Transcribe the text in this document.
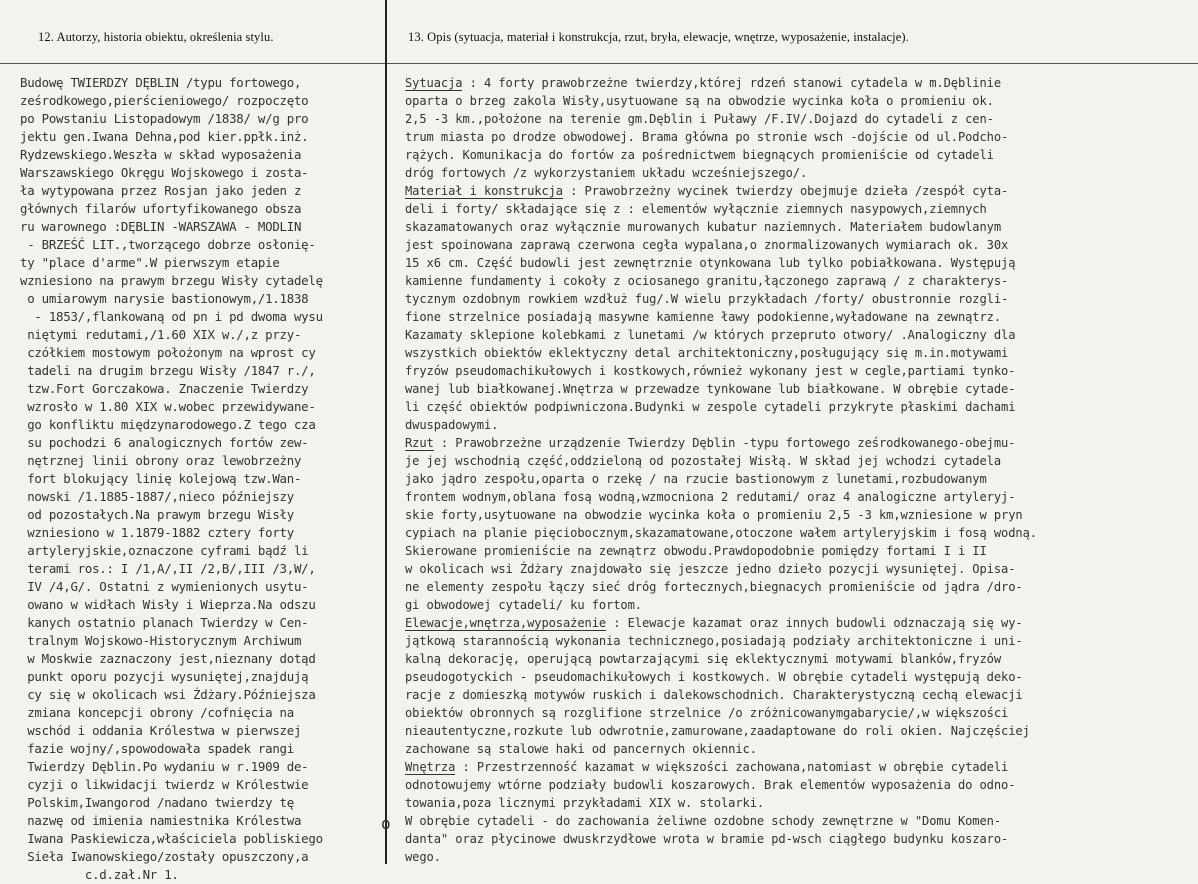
12. Autorzy, historia obiektu, określenia stylu.	13. Opis (sytuacja, materiał i konstrukcja, rzut, bryła, elewacje, wnętrze, wyposażenie, instalacje).
Budowę TWIERDZY DĘBLIN /typu fortowego,
ześrodkowego,pierścieniowego/ rozpoczęto
po Powstaniu Listopadowym /1838/ w/g pro
jektu gen.Iwana Dehna,pod kier.ppłk.inż.
Rydzewskiego.Weszła w skład wyposażenia
Warszawskiego Okręgu Wojskowego i zosta-
ła wytypowana przez Rosjan jako jeden z
głównych filarów ufortyfikowanego obsza
ru warownego :DĘBLIN -WARSZAWA - MODLIN
- BRZEŚĆ LIT.,tworzącego dobrze osłonię-
ty "place d'arme".W pierwszym etapie
wzniesiono na prawym brzegu Wisły cytadelę
o umiarowym narysie bastionowym,/1.1838
- 1853/,flankowaną od pn i pd dwoma wysu
niętymi redutami,/1.60 XIX w./,z przy-
czółkiem mostowym położonym na wprost cy
tadeli na drugim brzegu Wisły /1847 r./,
tzw.Fort Gorczakowa. Znaczenie Twierdzy
wzrosło w 1.80 XIX w.wobec przewidywane-
go konfliktu międzynarodowego.Z tego cza
su pochodzi 6 analogicznych fortów zew-
nętrznej linii obrony oraz lewobrzeżny
fort blokujący linię kolejową tzw.Wan-
nowski /1.1885-1887/,nieco późniejszy
od pozostałych.Na prawym brzegu Wisły
wzniesiono w 1.1879-1882 cztery forty
artyleryjskie,oznaczone cyframi bądź li
terami ros.: I /1,A/,II /2,B/,III /3,W/,
IV /4,G/. Ostatni z wymienionych usytu-
owano w widłach Wisły i Wieprza.Na odszu
kanych ostatnio planach Twierdzy w Cen-
tralnym Wojskowo-Historycznym Archiwum
w Moskwie zaznaczony jest,nieznany dotąd
punkt oporu pozycji wysuniętej,znajdują
cy się w okolicach wsi Żdżary.Późniejsza
zmiana koncepcji obrony /cofnięcia na
wschód i oddania Królestwa w pierwszej
fazie wojny/,spowodowała spadek rangi
Twierdzy Dęblin.Po wydaniu w r.1909 de-
cyzji o likwidacji twierdz w Królestwie
Polskim,Iwangorod /nadano twierdzy tę
nazwę od imienia namiestnika Królestwa
Iwana Paskiewicza,właściciela pobliskiego
Sieła Iwanowskiego/zostały opuszczony,a
c.d.zał.Nr 1.
Sytuacja : 4 forty prawobrzeżne twierdzy,której rdzeń stanowi cytadela w m.Dęblinie
oparta o brzeg zakola Wisły,usytuowane są na obwodzie wycinka koła o promieniu ok.
2,5 -3 km.,położone na terenie gm.Dęblin i Puławy /F.IV/.Dojazd do cytadeli z cen-
trum miasta po drodze obwodowej. Brama główna po stronie wsch -dojście od ul.Podcho-
rążych. Komunikacja do fortów za pośrednictwem biegnących promieniście od cytadeli
dróg fortowych /z wykorzystaniem układu wcześniejszego/.
Materiał i konstrukcja : Prawobrzeżny wycinek twierdzy obejmuje dzieła /zespół cyta-
deli i forty/ składające się z : elementów wyłącznie ziemnych nasypowych,ziemnych
skazamatowanych oraz wyłącznie murowanych kubatur naziemnych. Materiałem budowlanym
jest spoinowana zaprawą czerwona cegła wypalana,o znormalizowanych wymiarach ok. 30x
15 x6 cm. Część budowli jest zewnętrznie otynkowana lub tylko pobiałkowana. Występują
kamienne fundamenty i cokoły z ociosanego granitu,łączonego zaprawą / z charakterys-
tycznym ozdobnym rowkiem wzdłuż fug/.W wielu przykładach /forty/ obustronnie rozgli-
fione strzelnice posiadają masywne kamienne ławy podokienne,wyładowane na zewnątrz.
Kazamaty sklepione kolebkami z lunetami /w których przepruto otwory/ .Analogiczny dla
wszystkich obiektów eklektyczny detal architektoniczny,posługujący się m.in.motywami
fryzów pseudomachikułowych i kostkowych,również wykonany jest w cegle,partiami tynko-
wanej lub białkowanej.Wnętrza w przewadze tynkowane lub białkowane. W obrębie cytade-
li część obiektów podpiwniczona.Budynki w zespole cytadeli przykryte płaskimi dachami
dwuspadowymi.
Rzut : Prawobrzeżne urządzenie Twierdzy Dęblin -typu fortowego ześrodkowanego-obejmu-
je jej wschodnią część,oddzieloną od pozostałej Wisłą. W skład jej wchodzi cytadela
jako jądro zespołu,oparta o rzekę / na rzucie bastionowym z lunetami,rozbudowanym
frontem wodnym,oblana fosą wodną,wzmocniona 2 redutami/ oraz 4 analogiczne artyleryj-
skie forty,usytuowane na obwodzie wycinka koła o promieniu 2,5 -3 km,wzniesione w pryn
cypiach na planie pięciobocznym,skazamatowane,otoczone wałem artyleryjskim i fosą wodną.
Skierowane promieniście na zewnątrz obwodu.Prawdopodobnie pomiędzy fortami I i II
w okolicach wsi Żdżary znajdowało się jeszcze jedno dzieło pozycji wysuniętej. Opisa-
ne elementy zespołu łączy sieć dróg fortecznych,biegnacych promieniście od jądra /dro-
gi obwodowej cytadeli/ ku fortom.
Elewacje,wnętrza,wyposażenie : Elewacje kazamat oraz innych budowli odznaczają się wy-
jątkową starannością wykonania technicznego,posiadają podziały architektoniczne i uni-
kalną dekorację, operującą powtarzającymi się eklektycznymi motywami blanków,fryzów
pseudogotyckich - pseudomachikułowych i kostkowych. W obrębie cytadeli występują deko-
racje z domieszką motywów ruskich i dalekowschodnich. Charakterystyczną cechą elewacji
obiektów obronnych są rozglifione strzelnice /o zróżnicowanymgabarycie/,w większości
nieautentyczne,rozkute lub odwrotnie,zamurowane,zaadaptowane do roli okien. Najczęściej
zachowane są stalowe haki od pancernych okiennic.
Wnętrza : Przestrzenność kazamat w większości zachowana,natomiast w obrębie cytadeli
odnotowujemy wtórne podziały budowli koszarowych. Brak elementów wyposażenia do odno-
towania,poza licznymi przykładami XIX w. stolarki.
W obrębie cytadeli - do zachowania żeliwne ozdobne schody zewnętrzne w "Domu Komen-
danta" oraz płycinowe dwuskrzydłowe wrota w bramie pd-wsch ciągłego budynku koszaro-
wego.
o
